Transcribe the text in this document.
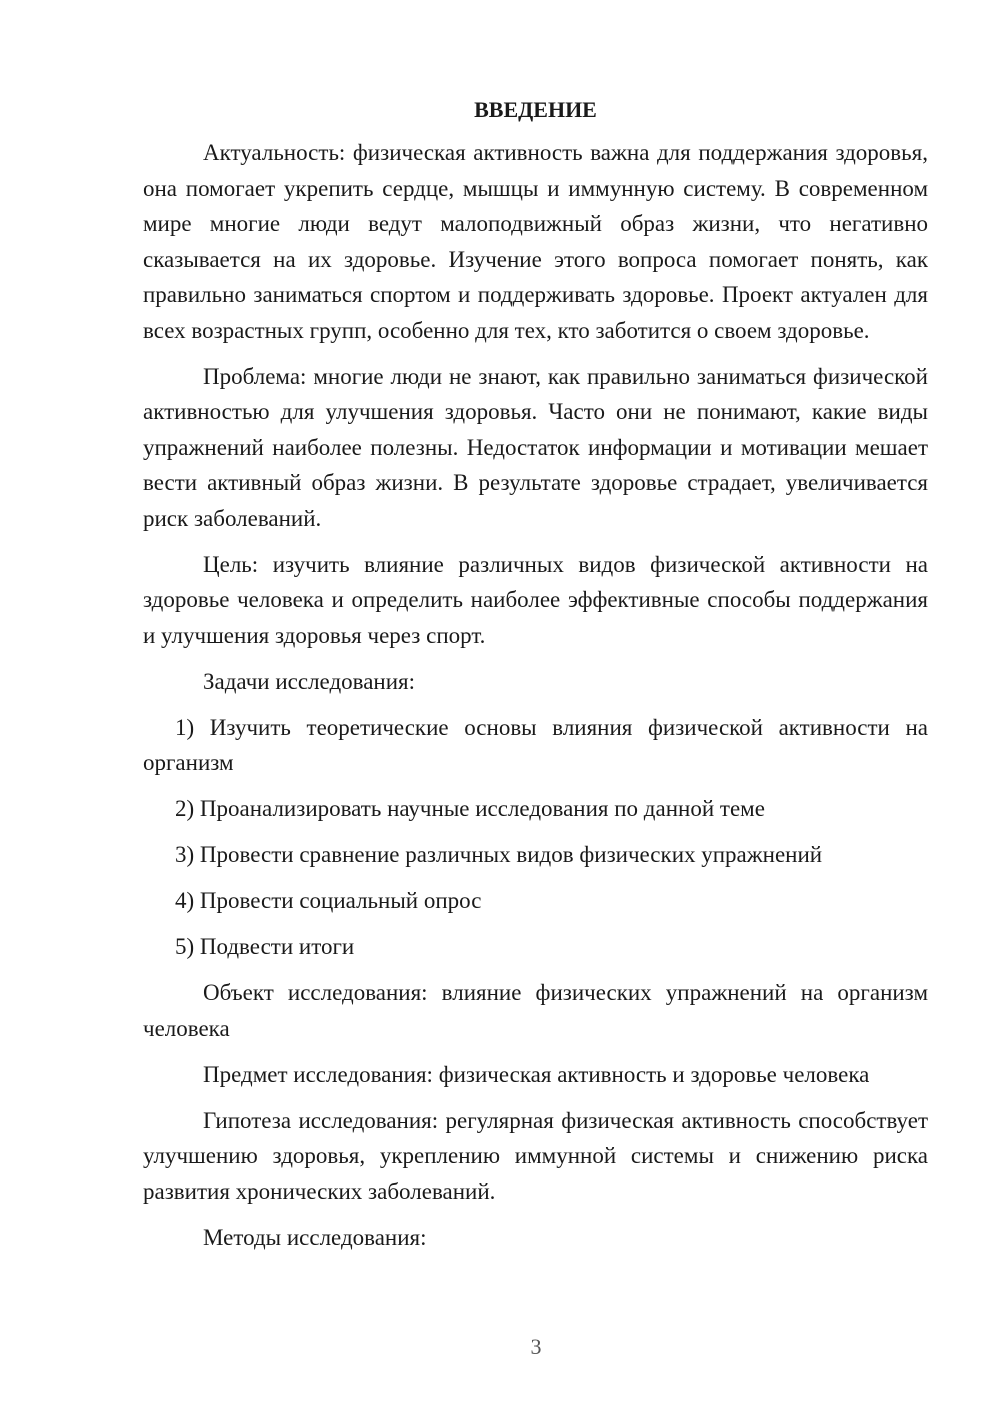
ВВЕДЕНИЕ

Актуальность: физическая активность важна для поддержания здоровья, она помогает укрепить сердце, мышцы и иммунную систему. В современном мире многие люди ведут малоподвижный образ жизни, что негативно сказывается на их здоровье. Изучение этого вопроса помогает понять, как правильно заниматься спортом и поддерживать здоровье. Проект актуален для всех возрастных групп, особенно для тех, кто заботится о своем здоровье.

Проблема: многие люди не знают, как правильно заниматься физической активностью для улучшения здоровья. Часто они не понимают, какие виды упражнений наиболее полезны. Недостаток информации и мотивации мешает вести активный образ жизни. В результате здоровье страдает, увеличивается риск заболеваний.

Цель: изучить влияние различных видов физической активности на здоровье человека и определить наиболее эффективные способы поддержания и улучшения здоровья через спорт.

Задачи исследования:

1) Изучить теоретические основы влияния физической активности на организм
2) Проанализировать научные исследования по данной теме
3) Провести сравнение различных видов физических упражнений
4) Провести социальный опрос
5) Подвести итоги

Объект исследования: влияние физических упражнений на организм человека

Предмет исследования: физическая активность и здоровье человека

Гипотеза исследования: регулярная физическая активность способствует улучшению здоровья, укреплению иммунной системы и снижению риска развития хронических заболеваний.

Методы исследования:

3
